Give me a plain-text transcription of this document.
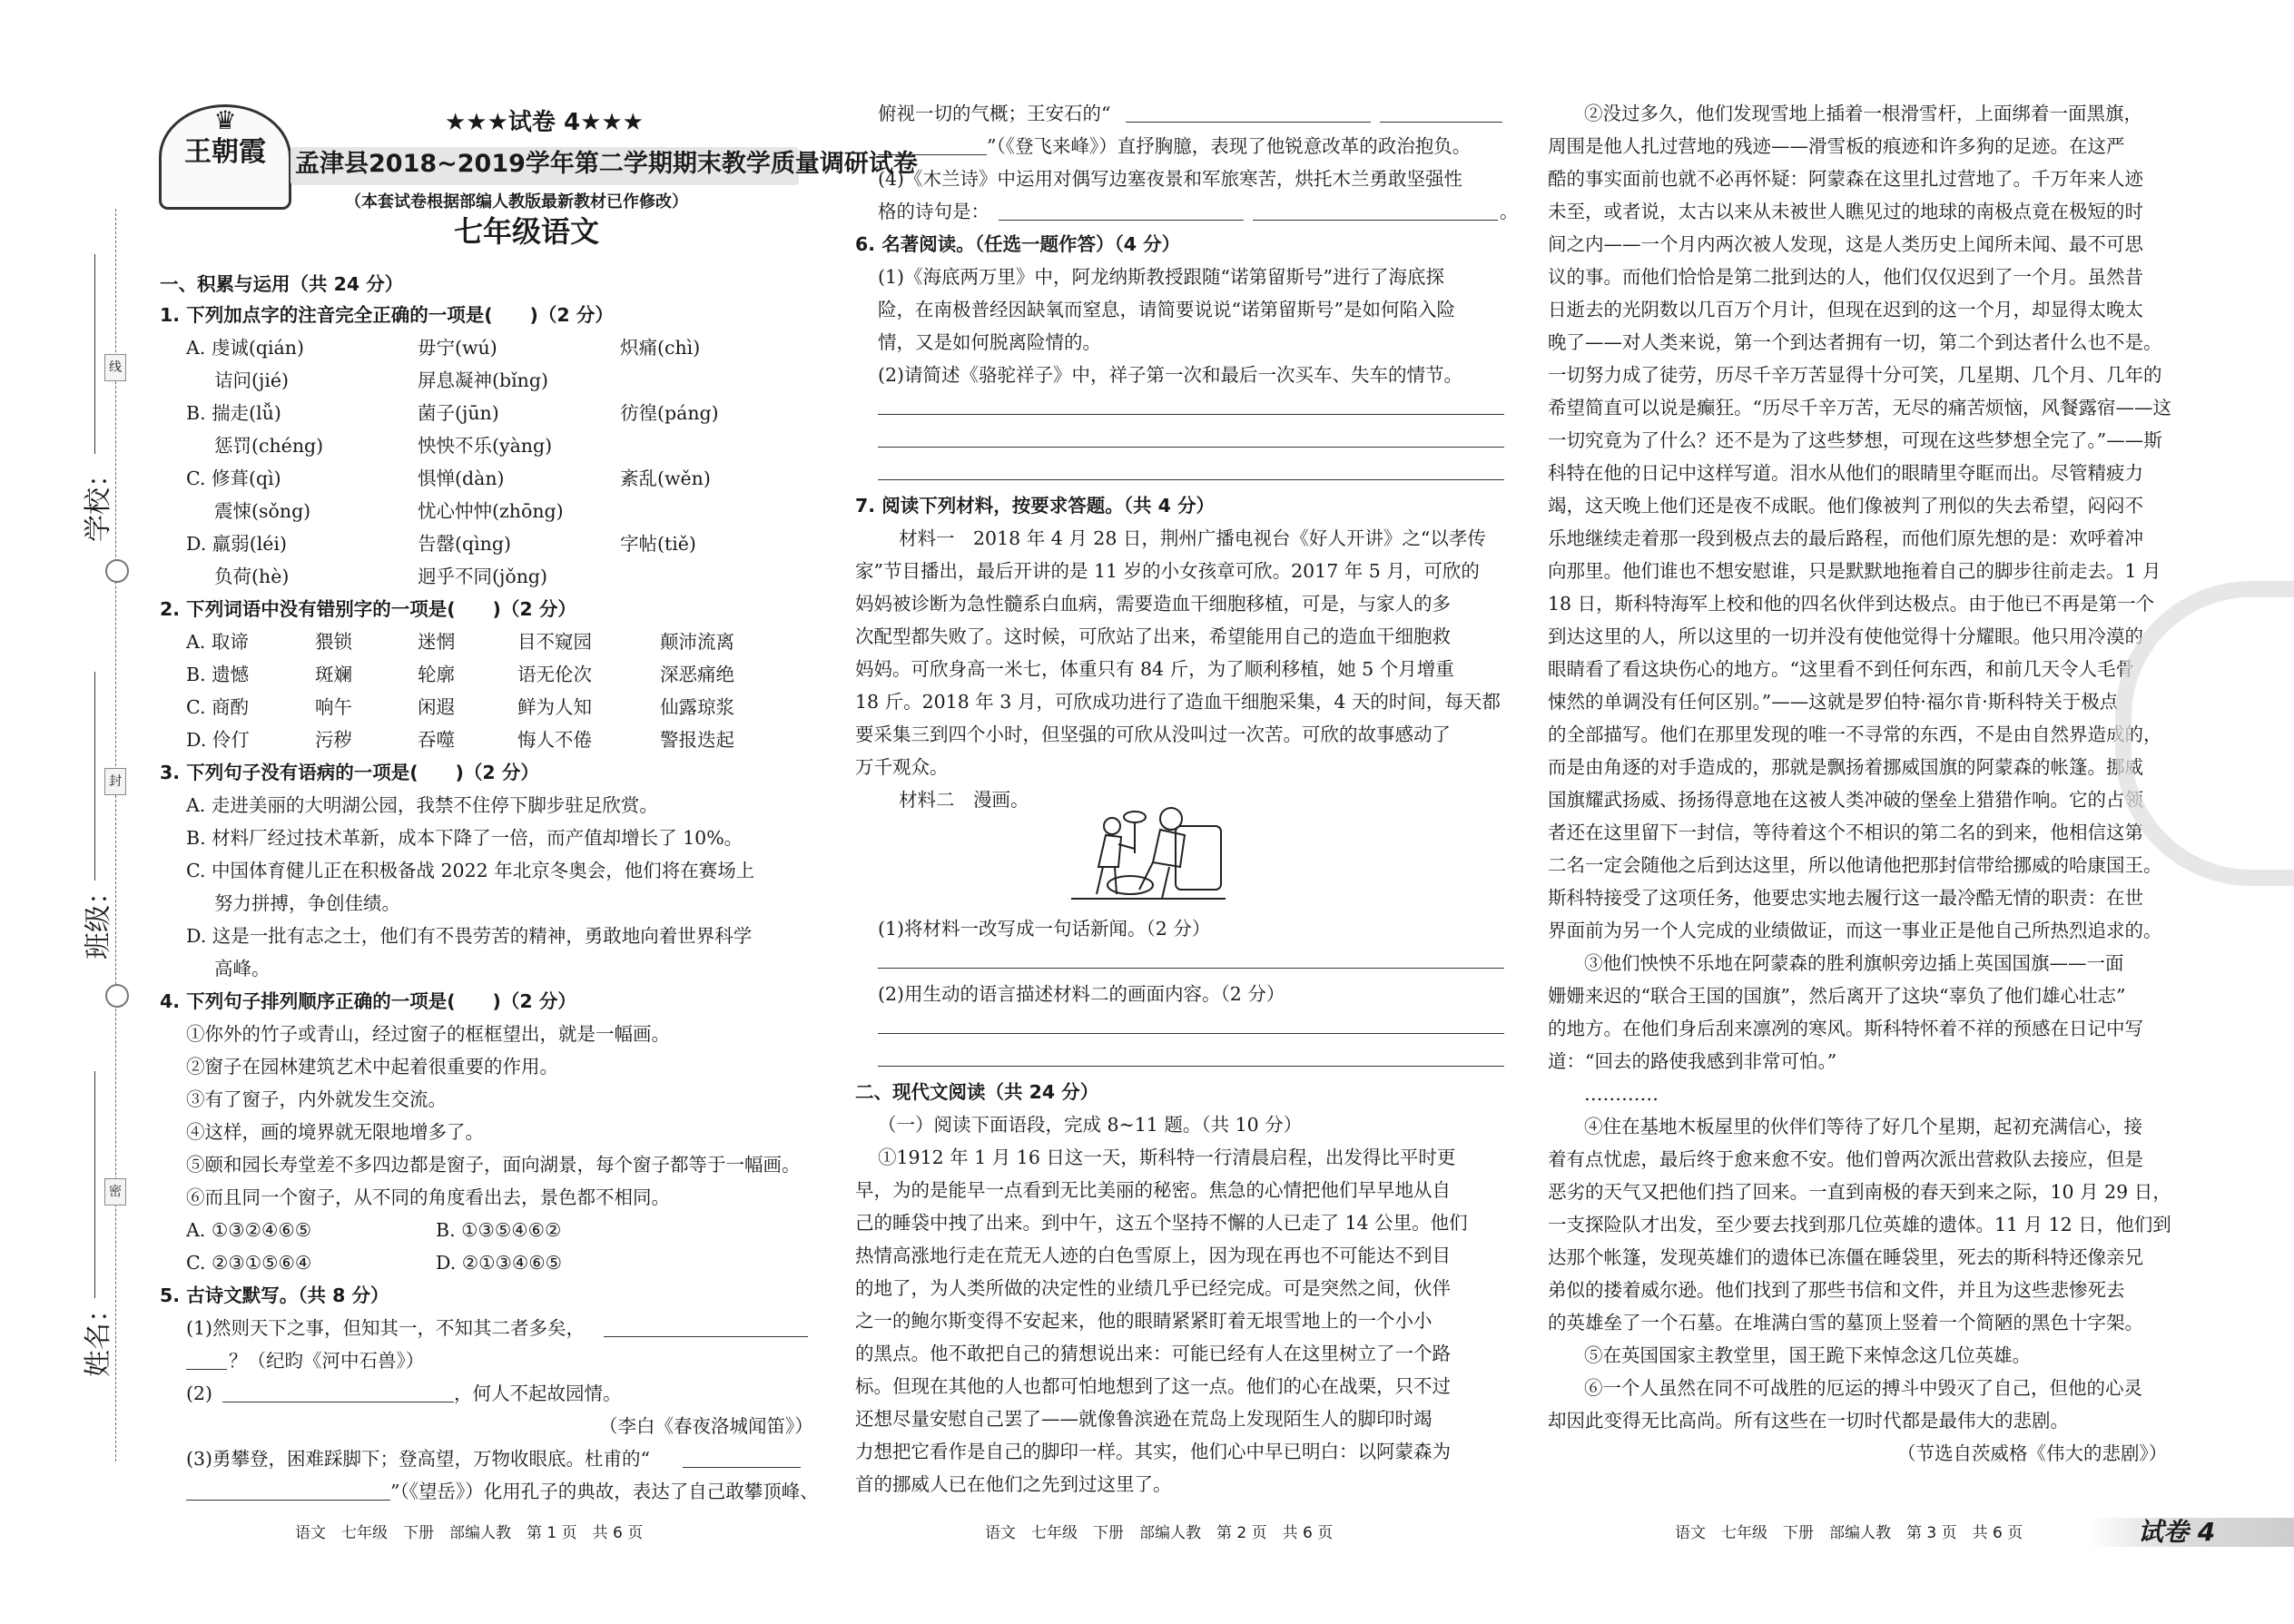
线
封
密
学校：
班级：
姓名：
♛
王朝霞
★★★试卷 4★★★
孟津县2018~2019学年第二学期期末教学质量调研试卷
（本套试卷根据部编人教版最新教材已作修改）
七年级语文
一、积累与运用（共 24 分）
1. 下列加点字的注音完全正确的一项是(　　)（2 分）
A. 虔诚(qián)	毋宁(wú)	炽痛(chì)
诘问(jié)	屏息凝神(bǐng)
B. 揣走(lǚ)	菌子(jūn)	彷徨(páng)
惩罚(chéng)	怏怏不乐(yàng)
C. 修葺(qì)	惧惮(dàn)	紊乱(wěn)
震悚(sǒng)	忧心忡忡(zhōng)
D. 羸弱(léi)	告罄(qìng)	字帖(tiě)
负荷(hè)	迥乎不同(jǒng)
2. 下列词语中没有错别字的一项是(　　)（2 分）
A. 取谛	猥锁	迷惘	目不窥园	颠沛流离
B. 遗憾	斑斓	轮廓	语无伦次	深恶痛绝
C. 商酌	响午	闲遐	鲜为人知	仙露琼浆
D. 伶仃	污秽	吞噬	悔人不倦	警报迭起
3. 下列句子没有语病的一项是(　　)（2 分）
A. 走进美丽的大明湖公园，我禁不住停下脚步驻足欣赏。
B. 材料厂经过技术革新，成本下降了一倍，而产值却增长了 10%。
C. 中国体育健儿正在积极备战 2022 年北京冬奥会，他们将在赛场上
努力拼搏，争创佳绩。
D. 这是一批有志之士，他们有不畏劳苦的精神，勇敢地向着世界科学
高峰。
4. 下列句子排列顺序正确的一项是(　　)（2 分）
①你外的竹子或青山，经过窗子的框框望出，就是一幅画。
②窗子在园林建筑艺术中起着很重要的作用。
③有了窗子，内外就发生交流。
④这样，画的境界就无限地增多了。
⑤颐和园长寿堂差不多四边都是窗子，面向湖景，每个窗子都等于一幅画。
⑥而且同一个窗子，从不同的角度看出去，景色都不相同。
A. ①③②④⑥⑤	B. ①③⑤④⑥②
C. ②③①⑤⑥④	D. ②①③④⑥⑤
5. 古诗文默写。（共 8 分）
(1)然则天下之事，但知其一，不知其二者多矣，
？（纪昀《河中石兽》）
(2)	，何人不起故园情。
（李白《春夜洛城闻笛》）
(3)勇攀登，困难踩脚下；登高望，万物收眼底。杜甫的“
”（《望岳》）化用孔子的典故，表达了自己敢攀顶峰、
语文　七年级　下册　部编人教　第 1 页　共 6 页
俯视一切的气概；王安石的“
”（《登飞来峰》）直抒胸臆，表现了他锐意改革的政治抱负。
(4)《木兰诗》中运用对偶写边塞夜景和军旅寒苦，烘托木兰勇敢坚强性
格的诗句是：	。
6. 名著阅读。（任选一题作答）（4 分）
(1)《海底两万里》中，阿龙纳斯教授跟随“诺第留斯号”进行了海底探
险，在南极普经因缺氧而窒息，请简要说说“诺第留斯号”是如何陷入险
情，又是如何脱离险情的。
(2)请简述《骆驼祥子》中，祥子第一次和最后一次买车、失车的情节。
7. 阅读下列材料，按要求答题。（共 4 分）
材料一　2018 年 4 月 28 日，荆州广播电视台《好人开讲》之“以孝传
家”节目播出，最后开讲的是 11 岁的小女孩章可欣。2017 年 5 月，可欣的
妈妈被诊断为急性髓系白血病，需要造血干细胞移植，可是，与家人的多
次配型都失败了。这时候，可欣站了出来，希望能用自己的造血干细胞救
妈妈。可欣身高一米七，体重只有 84 斤，为了顺利移植，她 5 个月增重
18 斤。2018 年 3 月，可欣成功进行了造血干细胞采集，4 天的时间，每天都
要采集三到四个小时，但坚强的可欣从没叫过一次苦。可欣的故事感动了
万千观众。
材料二　漫画。
(1)将材料一改写成一句话新闻。（2 分）
(2)用生动的语言描述材料二的画面内容。（2 分）
二、现代文阅读（共 24 分）
（一）阅读下面语段，完成 8~11 题。（共 10 分）
①1912 年 1 月 16 日这一天，斯科特一行清晨启程，出发得比平时更
早，为的是能早一点看到无比美丽的秘密。焦急的心情把他们早早地从自
己的睡袋中拽了出来。到中午，这五个坚持不懈的人已走了 14 公里。他们
热情高涨地行走在荒无人迹的白色雪原上，因为现在再也不可能达不到目
的地了，为人类所做的决定性的业绩几乎已经完成。可是突然之间，伙伴
之一的鲍尔斯变得不安起来，他的眼睛紧紧盯着无垠雪地上的一个小小
的黑点。他不敢把自己的猜想说出来：可能已经有人在这里树立了一个路
标。但现在其他的人也都可怕地想到了这一点。他们的心在战栗，只不过
还想尽量安慰自己罢了——就像鲁滨逊在荒岛上发现陌生人的脚印时竭
力想把它看作是自己的脚印一样。其实，他们心中早已明白：以阿蒙森为
首的挪威人已在他们之先到过这里了。
语文　七年级　下册　部编人教　第 2 页　共 6 页
②没过多久，他们发现雪地上插着一根滑雪杆，上面绑着一面黑旗，
周围是他人扎过营地的残迹——滑雪板的痕迹和许多狗的足迹。在这严
酷的事实面前也就不必再怀疑：阿蒙森在这里扎过营地了。千万年来人迹
未至，或者说，太古以来从未被世人瞧见过的地球的南极点竟在极短的时
间之内——一个月内两次被人发现，这是人类历史上闻所未闻、最不可思
议的事。而他们恰恰是第二批到达的人，他们仅仅迟到了一个月。虽然昔
日逝去的光阴数以几百万个月计，但现在迟到的这一个月，却显得太晚太
晚了——对人类来说，第一个到达者拥有一切，第二个到达者什么也不是。
一切努力成了徒劳，历尽千辛万苦显得十分可笑，几星期、几个月、几年的
希望简直可以说是癫狂。“历尽千辛万苦，无尽的痛苦烦恼，风餐露宿——这
一切究竟为了什么？还不是为了这些梦想，可现在这些梦想全完了。”——斯
科特在他的日记中这样写道。泪水从他们的眼睛里夺眶而出。尽管精疲力
竭，这天晚上他们还是夜不成眠。他们像被判了刑似的失去希望，闷闷不
乐地继续走着那一段到极点去的最后路程，而他们原先想的是：欢呼着冲
向那里。他们谁也不想安慰谁，只是默默地拖着自己的脚步往前走去。1 月
18 日，斯科特海军上校和他的四名伙伴到达极点。由于他已不再是第一个
到达这里的人，所以这里的一切并没有使他觉得十分耀眼。他只用冷漠的
眼睛看了看这块伤心的地方。“这里看不到任何东西，和前几天令人毛骨
悚然的单调没有任何区别。”——这就是罗伯特·福尔肯·斯科特关于极点
的全部描写。他们在那里发现的唯一不寻常的东西，不是由自然界造成的，
而是由角逐的对手造成的，那就是飘扬着挪威国旗的阿蒙森的帐篷。挪威
国旗耀武扬威、扬扬得意地在这被人类冲破的堡垒上猎猎作响。它的占领
者还在这里留下一封信，等待着这个不相识的第二名的到来，他相信这第
二名一定会随他之后到达这里，所以他请他把那封信带给挪威的哈康国王。
斯科特接受了这项任务，他要忠实地去履行这一最冷酷无情的职责：在世
界面前为另一个人完成的业绩做证，而这一事业正是他自己所热烈追求的。
③他们怏怏不乐地在阿蒙森的胜利旗帜旁边插上英国国旗——一面
姗姗来迟的“联合王国的国旗”，然后离开了这块“辜负了他们雄心壮志”
的地方。在他们身后刮来凛冽的寒风。斯科特怀着不祥的预感在日记中写
道：“回去的路使我感到非常可怕。”
…………
④住在基地木板屋里的伙伴们等待了好几个星期，起初充满信心，接
着有点忧虑，最后终于愈来愈不安。他们曾两次派出营救队去接应，但是
恶劣的天气又把他们挡了回来。一直到南极的春天到来之际，10 月 29 日，
一支探险队才出发，至少要去找到那几位英雄的遗体。11 月 12 日，他们到
达那个帐篷，发现英雄们的遗体已冻僵在睡袋里，死去的斯科特还像亲兄
弟似的搂着威尔逊。他们找到了那些书信和文件，并且为这些悲惨死去
的英雄垒了一个石墓。在堆满白雪的墓顶上竖着一个简陋的黑色十字架。
⑤在英国国家主教堂里，国王跪下来悼念这几位英雄。
⑥一个人虽然在同不可战胜的厄运的搏斗中毁灭了自己，但他的心灵
却因此变得无比高尚。所有这些在一切时代都是最伟大的悲剧。
（节选自茨威格《伟大的悲剧》）
语文　七年级　下册　部编人教　第 3 页　共 6 页	试卷 4
